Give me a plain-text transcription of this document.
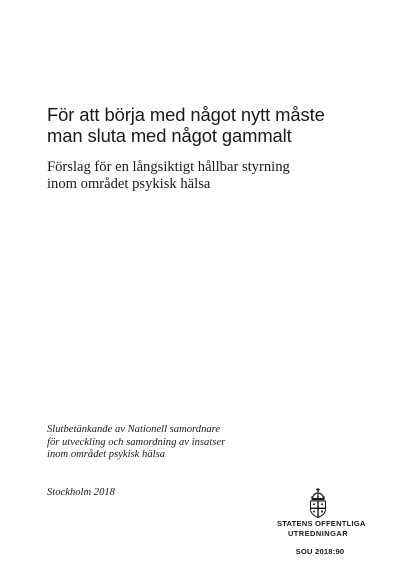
För att börja med något nytt måste
man sluta med något gammalt
Förslag för en långsiktigt hållbar styrning
inom området psykisk hälsa
Slutbetänkande av Nationell samordnare
för utveckling och samordning av insatser
inom området psykisk hälsa
Stockholm 2018
STATENS OFFENTLIGA
UTREDNINGAR
SOU 2018:90
